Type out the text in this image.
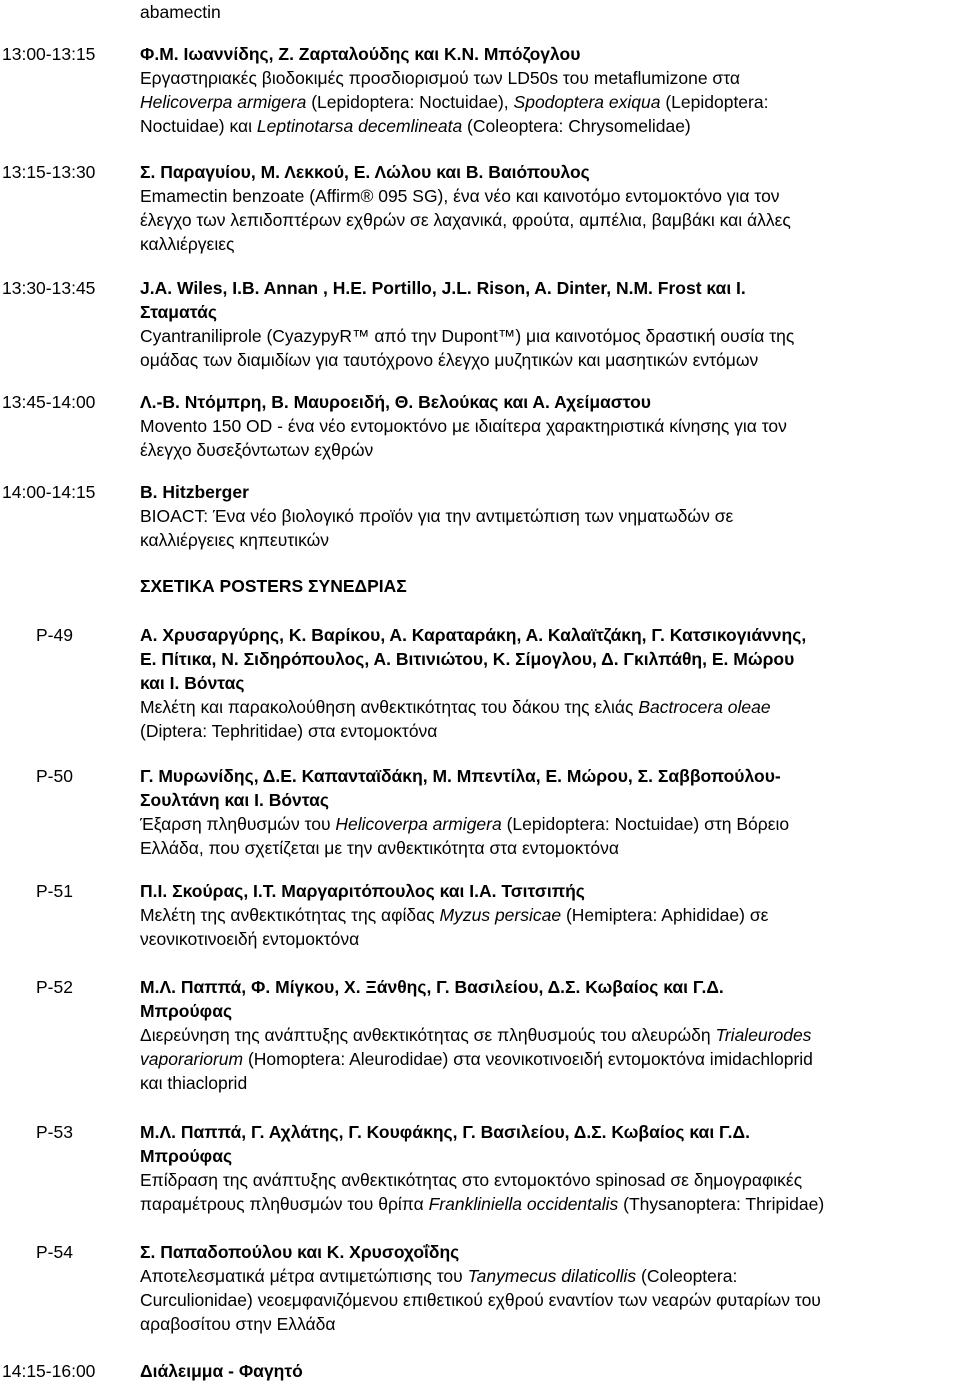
abamectin
13:00-13:15	Φ.Μ. Ιωαννίδης, Ζ. Ζαρταλούδης και Κ.Ν. Μπόζογλου
Εργαστηριακές βιοδοκιμές προσδιορισμού των LD50s του metaflumizone στα
Helicoverpa armigera (Lepidoptera: Noctuidae), Spodoptera exiqua (Lepidoptera:
Noctuidae) και Leptinotarsa decemlineata (Coleoptera: Chrysomelidae)
13:15-13:30	Σ. Παραγυίου, Μ. Λεκκού, Ε. Λώλου και Β. Βαιόπουλος
Emamectin benzoate (Affirm® 095 SG), ένα νέο και καινοτόμο εντομοκτόνο για τον
έλεγχο των λεπιδοπτέρων εχθρών σε λαχανικά, φρούτα, αμπέλια, βαμβάκι και άλλες
καλλιέργειες
13:30-13:45	J.A. Wiles, I.B. Annan , H.E. Portillo, J.L. Rison, A. Dinter, N.M. Frost και I.
Σταματάς
Cyantraniliprole (CyazypyR™ από την Dupont™) μια καινοτόμος δραστική ουσία της
ομάδας των διαμιδίων για ταυτόχρονο έλεγχο μυζητικών και μασητικών εντόμων
13:45-14:00	Λ.-Β. Ντόμπρη, Β. Μαυροειδή, Θ. Βελούκας και Α. Αχείμαστου
Movento 150 OD - ένα νέο εντομοκτόνο με ιδιαίτερα χαρακτηριστικά κίνησης για τον
έλεγχο δυσεξόντωτων εχθρών
14:00-14:15	B. Hitzberger
BIOACT: Ένα νέο βιολογικό προϊόν για την αντιμετώπιση των νηματωδών σε
καλλιέργειες κηπευτικών
ΣΧΕΤΙΚΑ POSTERS ΣΥΝΕΔΡΙΑΣ
P-49	Α. Χρυσαργύρης, Κ. Βαρίκου, Α. Καραταράκη, Α. Καλαϊτζάκη, Γ. Κατσικογιάννης,
Ε. Πίτικα, Ν. Σιδηρόπουλος, Α. Βιτινιώτου, Κ. Σίμογλου, Δ. Γκιλπάθη, Ε. Μώρου
και Ι. Βόντας
Μελέτη και παρακολούθηση ανθεκτικότητας του δάκου της ελιάς Bactrocera oleae
(Diptera: Tephritidae) στα εντομοκτόνα
P-50	Γ. Μυρωνίδης, Δ.Ε. Καπανταϊδάκη, Μ. Μπεντίλα, Ε. Μώρου, Σ. Σαββοπούλου-
Σουλτάνη και Ι. Βόντας
Έξαρση πληθυσμών του Helicoverpa armigera (Lepidoptera: Noctuidae) στη Βόρειο
Ελλάδα, που σχετίζεται με την ανθεκτικότητα στα εντομοκτόνα
P-51	Π.Ι. Σκούρας, Ι.Τ. Μαργαριτόπουλος και Ι.Α. Τσιτσιπής
Μελέτη της ανθεκτικότητας της αφίδας Myzus persicae (Hemiptera: Aphididae) σε
νεονικοτινοειδή εντομοκτόνα
P-52	Μ.Λ. Παππά, Φ. Μίγκου, Χ. Ξάνθης, Γ. Βασιλείου, Δ.Σ. Κωβαίος και Γ.Δ.
Μπρούφας
Διερεύνηση της ανάπτυξης ανθεκτικότητας σε πληθυσμούς του αλευρώδη Trialeurodes
vaporariorum (Homoptera: Aleurodidae) στα νεονικοτινοειδή εντομοκτόνα imidachloprid
και thiacloprid
P-53	Μ.Λ. Παππά, Γ. Αχλάτης, Γ. Κουφάκης, Γ. Βασιλείου, Δ.Σ. Κωβαίος και Γ.Δ.
Μπρούφας
Επίδραση της ανάπτυξης ανθεκτικότητας στο εντομοκτόνο spinosad σε δημογραφικές
παραμέτρους πληθυσμών του θρίπα Frankliniella occidentalis (Thysanoptera: Thripidae)
P-54	Σ. Παπαδοπούλου και Κ. Χρυσοχοΐδης
Αποτελεσματικά μέτρα αντιμετώπισης του Tanymecus dilaticollis (Coleoptera:
Curculionidae) νεοεμφανιζόμενου επιθετικού εχθρού εναντίον των νεαρών φυταρίων του
αραβοσίτου στην Ελλάδα
14:15-16:00	Διάλειμμα - Φαγητό
